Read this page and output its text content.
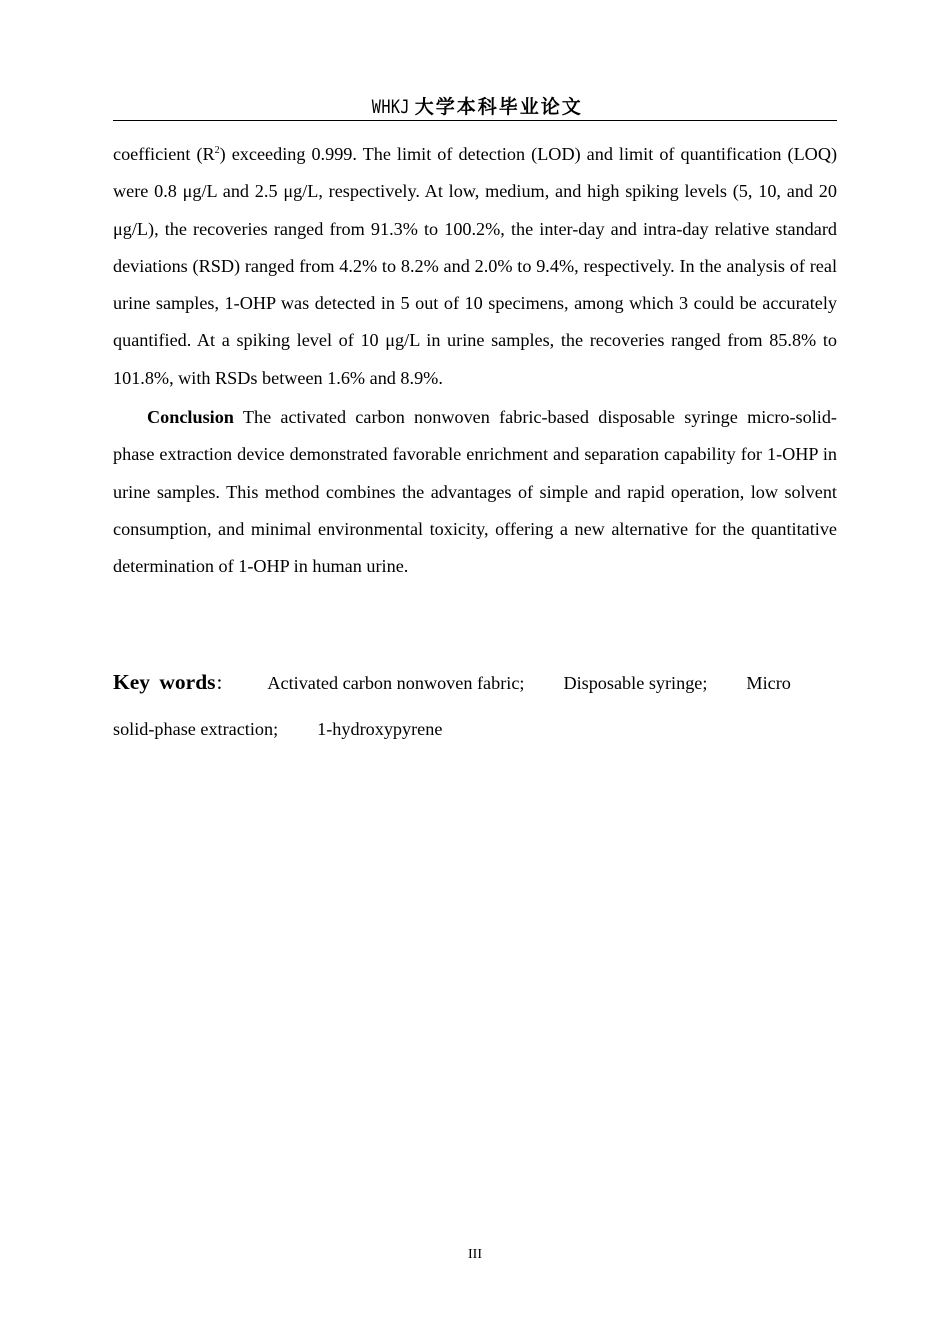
WHKJ 大学本科毕业论文

coefficient $(R^2)$ exceeding 0.999. The limit of detection (LOD) and limit of quantification (LOQ) were 0.8 μg/L and 2.5 μg/L, respectively. At low, medium, and high spiking levels (5, 10, and 20 μg/L), the recoveries ranged from 91.3% to 100.2%, the inter-day and intra-day relative standard deviations (RSD) ranged from 4.2% to 8.2% and 2.0% to 9.4%, respectively. In the analysis of real urine samples, 1-OHP was detected in 5 out of 10 specimens, among which 3 could be accurately quantified. At a spiking level of 10 μg/L in urine samples, the recoveries ranged from 85.8% to 101.8%, with RSDs between 1.6% and 8.9%.

Conclusion The activated carbon nonwoven fabric-based disposable syringe micro-solid-phase extraction device demonstrated favorable enrichment and separation capability for 1-OHP in urine samples. This method combines the advantages of simple and rapid operation, low solvent consumption, and minimal environmental toxicity, offering a new alternative for the quantitative determination of 1-OHP in human urine.

Key words : Activated carbon nonwoven fabric; Disposable syringe; Micro
solid-phase extraction; 1-hydroxypyrene
III
